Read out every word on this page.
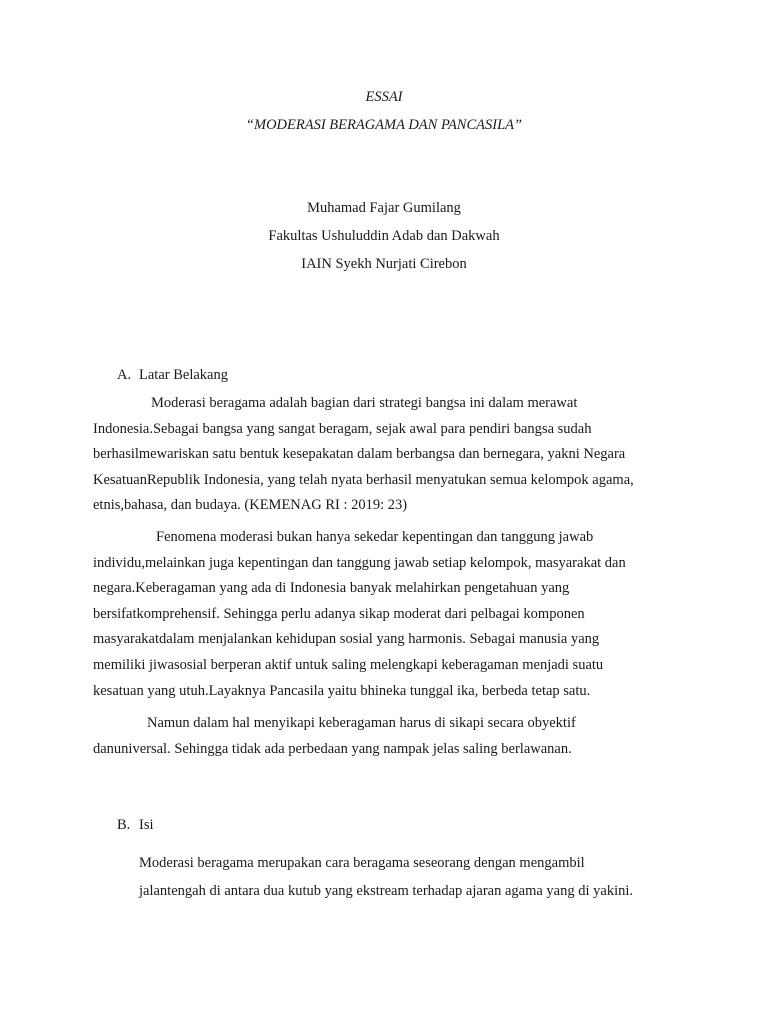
ESSAI
“MODERASI BERAGAMA DAN PANCASILA”
Muhamad Fajar Gumilang
Fakultas Ushuluddin Adab dan Dakwah
IAIN Syekh Nurjati Cirebon
A. Latar Belakang
Moderasi beragama adalah bagian dari strategi bangsa ini dalam merawat
Indonesia.Sebagai bangsa yang sangat beragam, sejak awal para pendiri bangsa sudah
berhasilmewariskan satu bentuk kesepakatan dalam berbangsa dan bernegara, yakni Negara
KesatuanRepublik Indonesia, yang telah nyata berhasil menyatukan semua kelompok agama,
etnis,bahasa, dan budaya. (KEMENAG RI : 2019: 23)
Fenomena moderasi bukan hanya sekedar kepentingan dan tanggung jawab
individu,melainkan juga kepentingan dan tanggung jawab setiap kelompok, masyarakat dan
negara.Keberagaman yang ada di Indonesia banyak melahirkan pengetahuan yang
bersifatkomprehensif. Sehingga perlu adanya sikap moderat dari pelbagai komponen
masyarakatdalam menjalankan kehidupan sosial yang harmonis. Sebagai manusia yang
memiliki jiwasosial berperan aktif untuk saling melengkapi keberagaman menjadi suatu
kesatuan yang utuh.Layaknya Pancasila yaitu bhineka tunggal ika, berbeda tetap satu.
Namun dalam hal menyikapi keberagaman harus di sikapi secara obyektif
danuniversal. Sehingga tidak ada perbedaan yang nampak jelas saling berlawanan.
B. Isi
Moderasi beragama merupakan cara beragama seseorang dengan mengambil
jalantengah di antara dua kutub yang ekstream terhadap ajaran agama yang di yakini.
